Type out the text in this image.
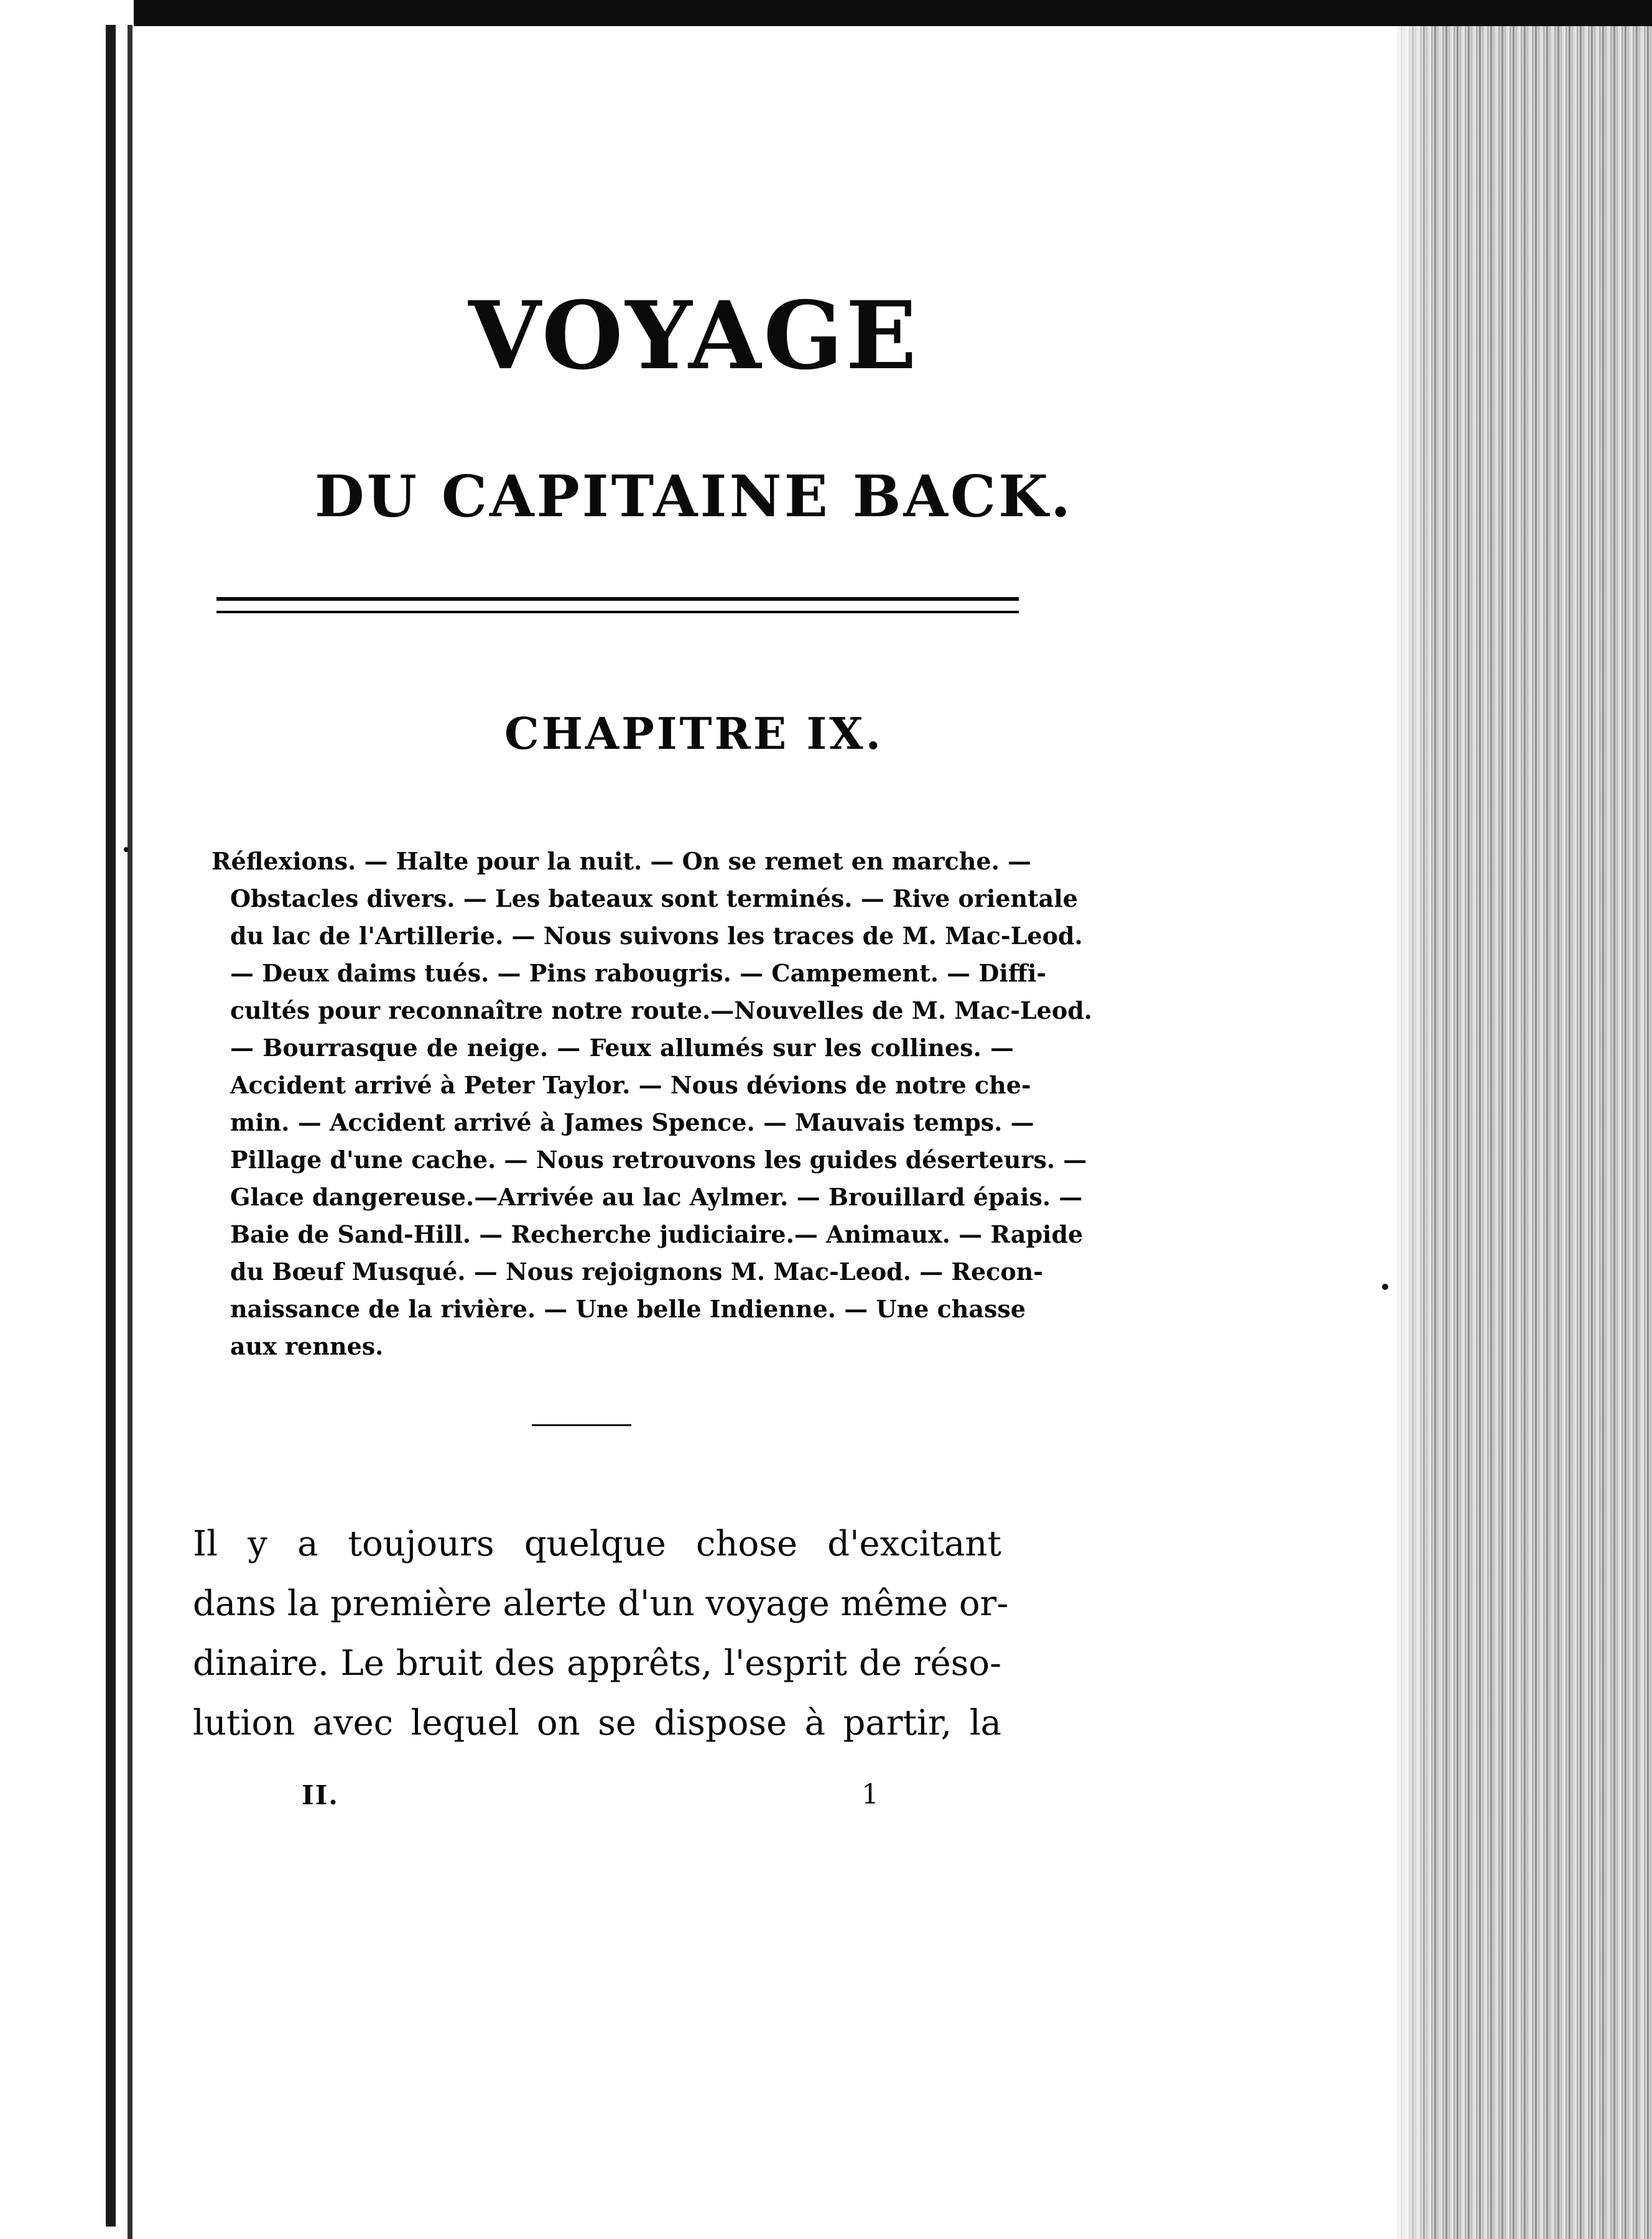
VOYAGE
DU CAPITAINE BACK.
CHAPITRE IX.
Réflexions. — Halte pour la nuit. — On se remet en marche. —
Obstacles divers. — Les bateaux sont terminés. — Rive orientale
du lac de l'Artillerie. — Nous suivons les traces de M. Mac-Leod.
— Deux daims tués. — Pins rabougris. — Campement. — Diffi-
cultés pour reconnaître notre route.—Nouvelles de M. Mac-Leod.
— Bourrasque de neige. — Feux allumés sur les collines. —
Accident arrivé à Peter Taylor. — Nous dévions de notre che-
min. — Accident arrivé à James Spence. — Mauvais temps. —
Pillage d'une cache. — Nous retrouvons les guides déserteurs. —
Glace dangereuse.—Arrivée au lac Aylmer. — Brouillard épais. —
Baie de Sand-Hill. — Recherche judiciaire.— Animaux. — Rapide
du Bœuf Musqué. — Nous rejoignons M. Mac-Leod. — Recon-
naissance de la rivière. — Une belle Indienne. — Une chasse
aux rennes.
Il y a toujours quelque chose d'excitant
dans la première alerte d'un voyage même or-
dinaire. Le bruit des apprêts, l'esprit de réso-
lution avec lequel on se dispose à partir, la
II.	1
